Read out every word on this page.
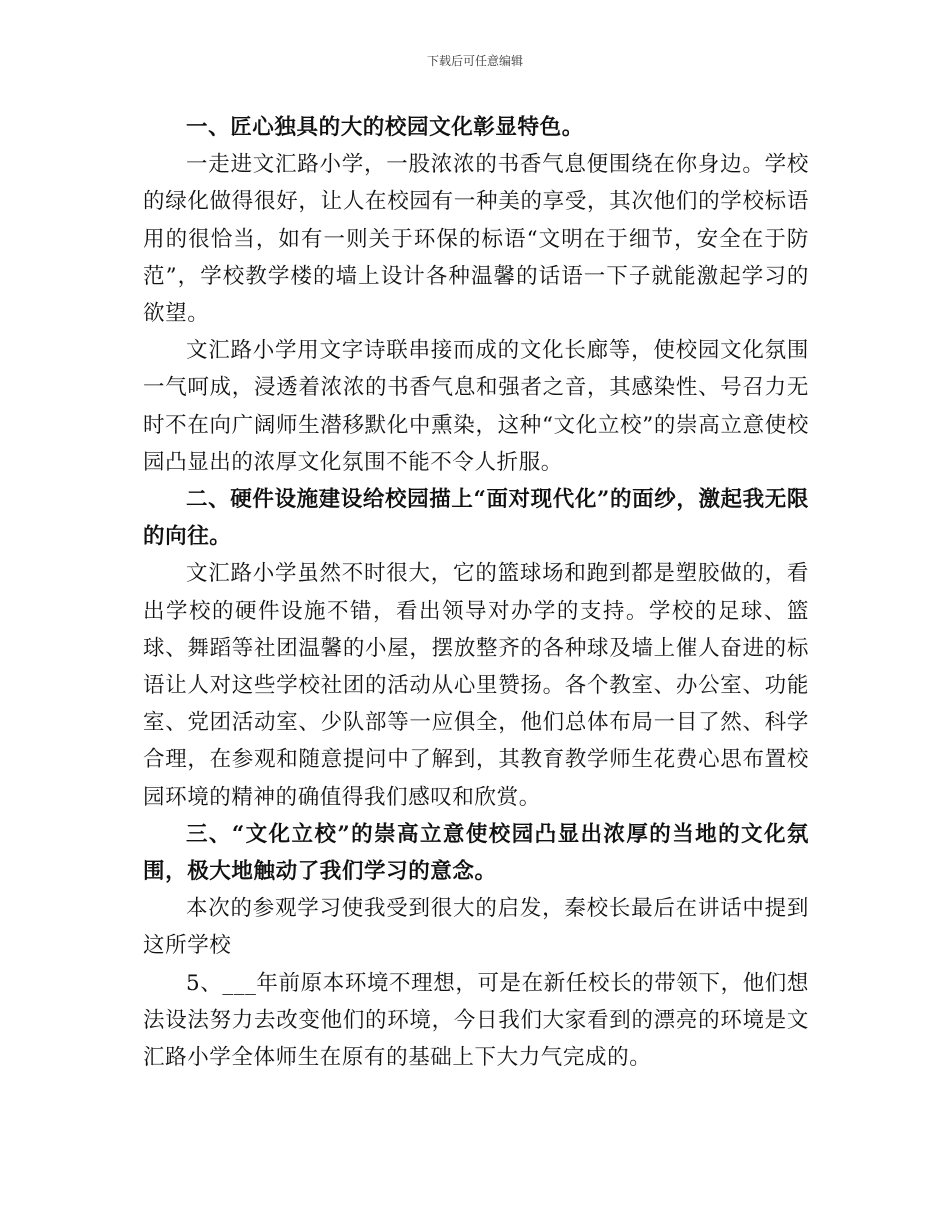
下载后可任意编辑

一、匠心独具的大的校园文化彰显特色。

一走进文汇路小学，一股浓浓的书香气息便围绕在你身边。学校的绿化做得很好，让人在校园有一种美的享受，其次他们的学校标语用的很恰当，如有一则关于环保的标语“文明在于细节，安全在于防范”，学校教学楼的墙上设计各种温馨的话语一下子就能激起学习的欲望。

文汇路小学用文字诗联串接而成的文化长廊等，使校园文化氛围一气呵成，浸透着浓浓的书香气息和强者之音，其感染性、号召力无时不在向广阔师生潜移默化中熏染，这种“文化立校”的崇高立意使校园凸显出的浓厚文化氛围不能不令人折服。

二、硬件设施建设给校园描上“面对现代化”的面纱，激起我无限的向往。

文汇路小学虽然不时很大，它的篮球场和跑到都是塑胶做的，看出学校的硬件设施不错，看出领导对办学的支持。学校的足球、篮球、舞蹈等社团温馨的小屋，摆放整齐的各种球及墙上催人奋进的标语让人对这些学校社团的活动从心里赞扬。各个教室、办公室、功能室、党团活动室、少队部等一应俱全，他们总体布局一目了然、科学合理，在参观和随意提问中了解到，其教育教学师生花费心思布置校园环境的精神的确值得我们感叹和欣赏。

三、“文化立校”的崇高立意使校园凸显出浓厚的当地的文化氛围，极大地触动了我们学习的意念。

本次的参观学习使我受到很大的启发，秦校长最后在讲话中提到这所学校

5、___年前原本环境不理想，可是在新任校长的带领下，他们想法设法努力去改变他们的环境，今日我们大家看到的漂亮的环境是文汇路小学全体师生在原有的基础上下大力气完成的。
